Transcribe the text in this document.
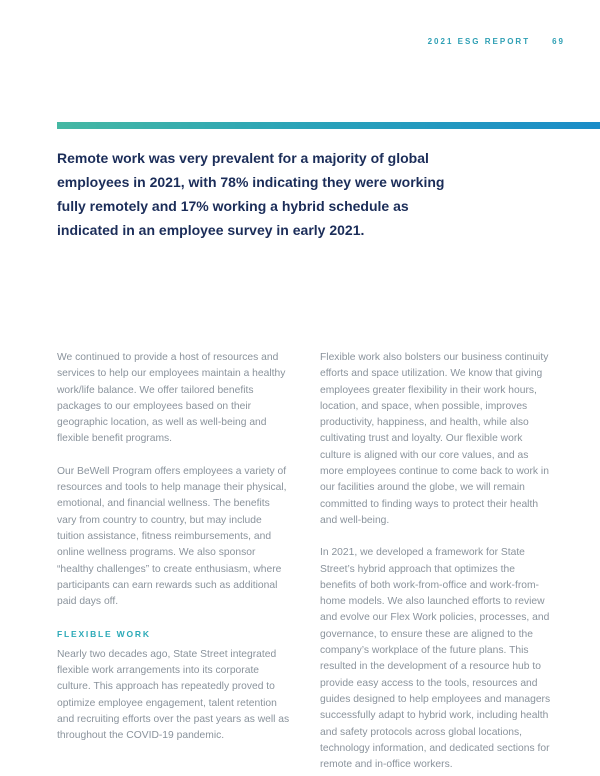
2021 ESG REPORT	69
Remote work was very prevalent for a majority of global employees in 2021, with 78% indicating they were working fully remotely and 17% working a hybrid schedule as indicated in an employee survey in early 2021.

We continued to provide a host of resources and services to help our employees maintain a healthy work/life balance. We offer tailored benefits packages to our employees based on their geographic location, as well as well-being and flexible benefit programs.

Our BeWell Program offers employees a variety of resources and tools to help manage their physical, emotional, and financial wellness. The benefits vary from country to country, but may include tuition assistance, fitness reimbursements, and online wellness programs. We also sponsor “healthy challenges” to create enthusiasm, where participants can earn rewards such as additional paid days off.

FLEXIBLE WORK

Nearly two decades ago, State Street integrated flexible work arrangements into its corporate culture. This approach has repeatedly proved to optimize employee engagement, talent retention and recruiting efforts over the past years as well as throughout the COVID-19 pandemic.

Flexible work also bolsters our business continuity efforts and space utilization. We know that giving employees greater flexibility in their work hours, location, and space, when possible, improves productivity, happiness, and health, while also cultivating trust and loyalty. Our flexible work culture is aligned with our core values, and as more employees continue to come back to work in our facilities around the globe, we will remain committed to finding ways to protect their health and well-being.

In 2021, we developed a framework for State Street’s hybrid approach that optimizes the benefits of both work-from-office and work-from-home models. We also launched efforts to review and evolve our Flex Work policies, processes, and governance, to ensure these are aligned to the company’s workplace of the future plans. This resulted in the development of a resource hub to provide easy access to the tools, resources and guides designed to help employees and managers successfully adapt to hybrid work, including health and safety protocols across global locations, technology information, and dedicated sections for remote and in-office workers.
